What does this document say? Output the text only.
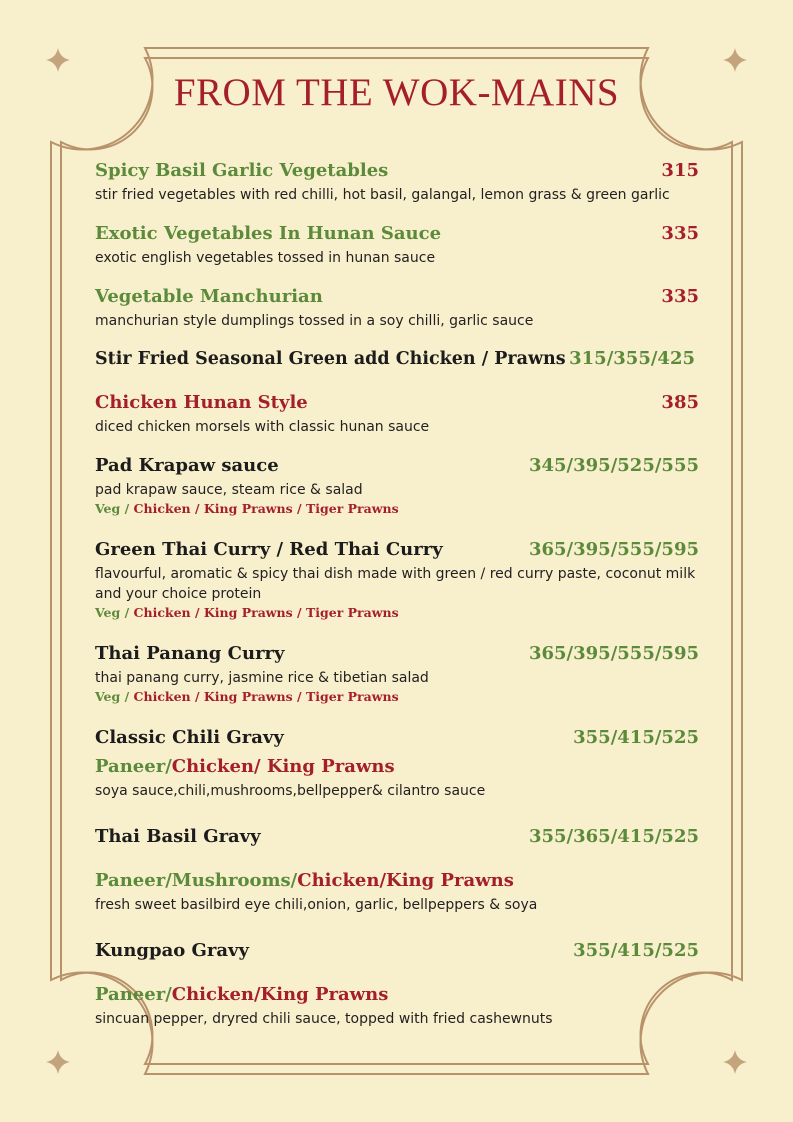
FROM THE WOK-MAINS
Spicy Basil Garlic Vegetables	315
stir fried vegetables with red chilli, hot basil, galangal, lemon grass & green garlic
Exotic Vegetables In Hunan Sauce	335
exotic english vegetables tossed in hunan sauce
Vegetable Manchurian	335
manchurian style dumplings tossed in a soy chilli, garlic sauce
Stir Fried Seasonal Green add Chicken / Prawns 315/355/425
Chicken Hunan Style	385
diced chicken morsels with classic hunan sauce
Pad Krapaw sauce	345/395/525/555
pad krapaw sauce, steam rice & salad
Veg / Chicken / King Prawns / Tiger Prawns
Green Thai Curry / Red Thai Curry	365/395/555/595
flavourful, aromatic & spicy thai dish made with green / red curry paste, coconut milk and your choice protein
Veg / Chicken / King Prawns / Tiger Prawns
Thai Panang Curry	365/395/555/595
thai panang curry, jasmine rice & tibetian salad
Veg / Chicken / King Prawns / Tiger Prawns
Classic Chili Gravy	355/415/525
Paneer/Chicken/ King Prawns
soya sauce,chili,mushrooms,bellpepper& cilantro sauce
Thai Basil Gravy	355/365/415/525
Paneer/Mushrooms/Chicken/King Prawns
fresh sweet basilbird eye chili,onion, garlic, bellpeppers & soya
Kungpao Gravy	355/415/525
Paneer/Chicken/King Prawns
sincuan pepper, dryred chili sauce, topped with fried cashewnuts
